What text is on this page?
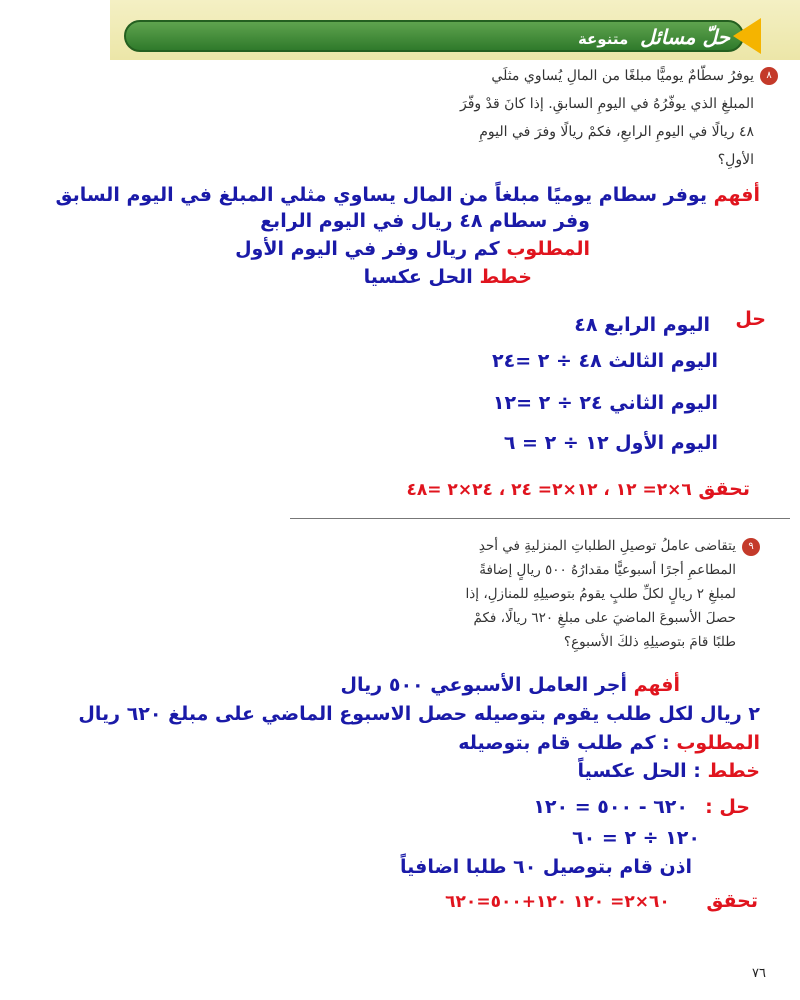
حلّ مسائل متنوعة
٨يوفرُ سطّامٌ يوميًّا مبلغًا من المالِ يُساوي مثلَي
المبلغِ الذي يوفّرُهُ في اليومِ السابقِ. إذا كانَ قدْ وفّرَ
٤٨ ريالًا في اليومِ الرابعِ، فكمْ ريالًا وفرَ في اليومِ
الأولِ؟
أفهم يوفر سطام يوميًا مبلغاً من المال يساوي مثلي المبلغ في اليوم السابق
وفر سطام ٤٨ ريال في اليوم الرابع
المطلوب كم ريال وفر في اليوم الأول
خطط الحل عكسيا
حل
اليوم الرابع ٤٨
اليوم الثالث ٤٨ ÷ ٢ =٢٤
اليوم الثاني ٢٤ ÷ ٢ =١٢
اليوم الأول ١٢ ÷ ٢ = ٦
تحقق ٦×٢= ١٢ ، ١٢×٢= ٢٤ ، ٢٤×٢ =٤٨
٩يتقاضى عاملُ توصيلِ الطلباتِ المنزليةِ في أحدِ
المطاعمِ أجرًا أسبوعيًّا مقدارُهُ ٥٠٠ ريالٍ إضافةً
لمبلغِ ٢ ريالٍ لكلِّ طلبٍ يقومُ بتوصيلِهِ للمنازلِ، إذا
حصلَ الأسبوعَ الماضيَ على مبلغِ ٦٢٠ ريالًا، فكمْ
طلبًا قامَ بتوصيلِهِ ذلكَ الأسبوعِ؟
أفهم أجر العامل الأسبوعي ٥٠٠ ريال
٢ ريال لكل طلب يقوم بتوصيله حصل الاسبوع الماضي على مبلغ ٦٢٠ ريال
المطلوب : كم طلب قام بتوصيله
خطط : الحل عكسياً
حل :
٦٢٠ - ٥٠٠ = ١٢٠
١٢٠ ÷ ٢ = ٦٠
اذن قام بتوصيل ٦٠ طلبا اضافياً
تحقق ٦٠×٢= ١٢٠ ١٢٠+٥٠٠=٦٢٠
٧٦
